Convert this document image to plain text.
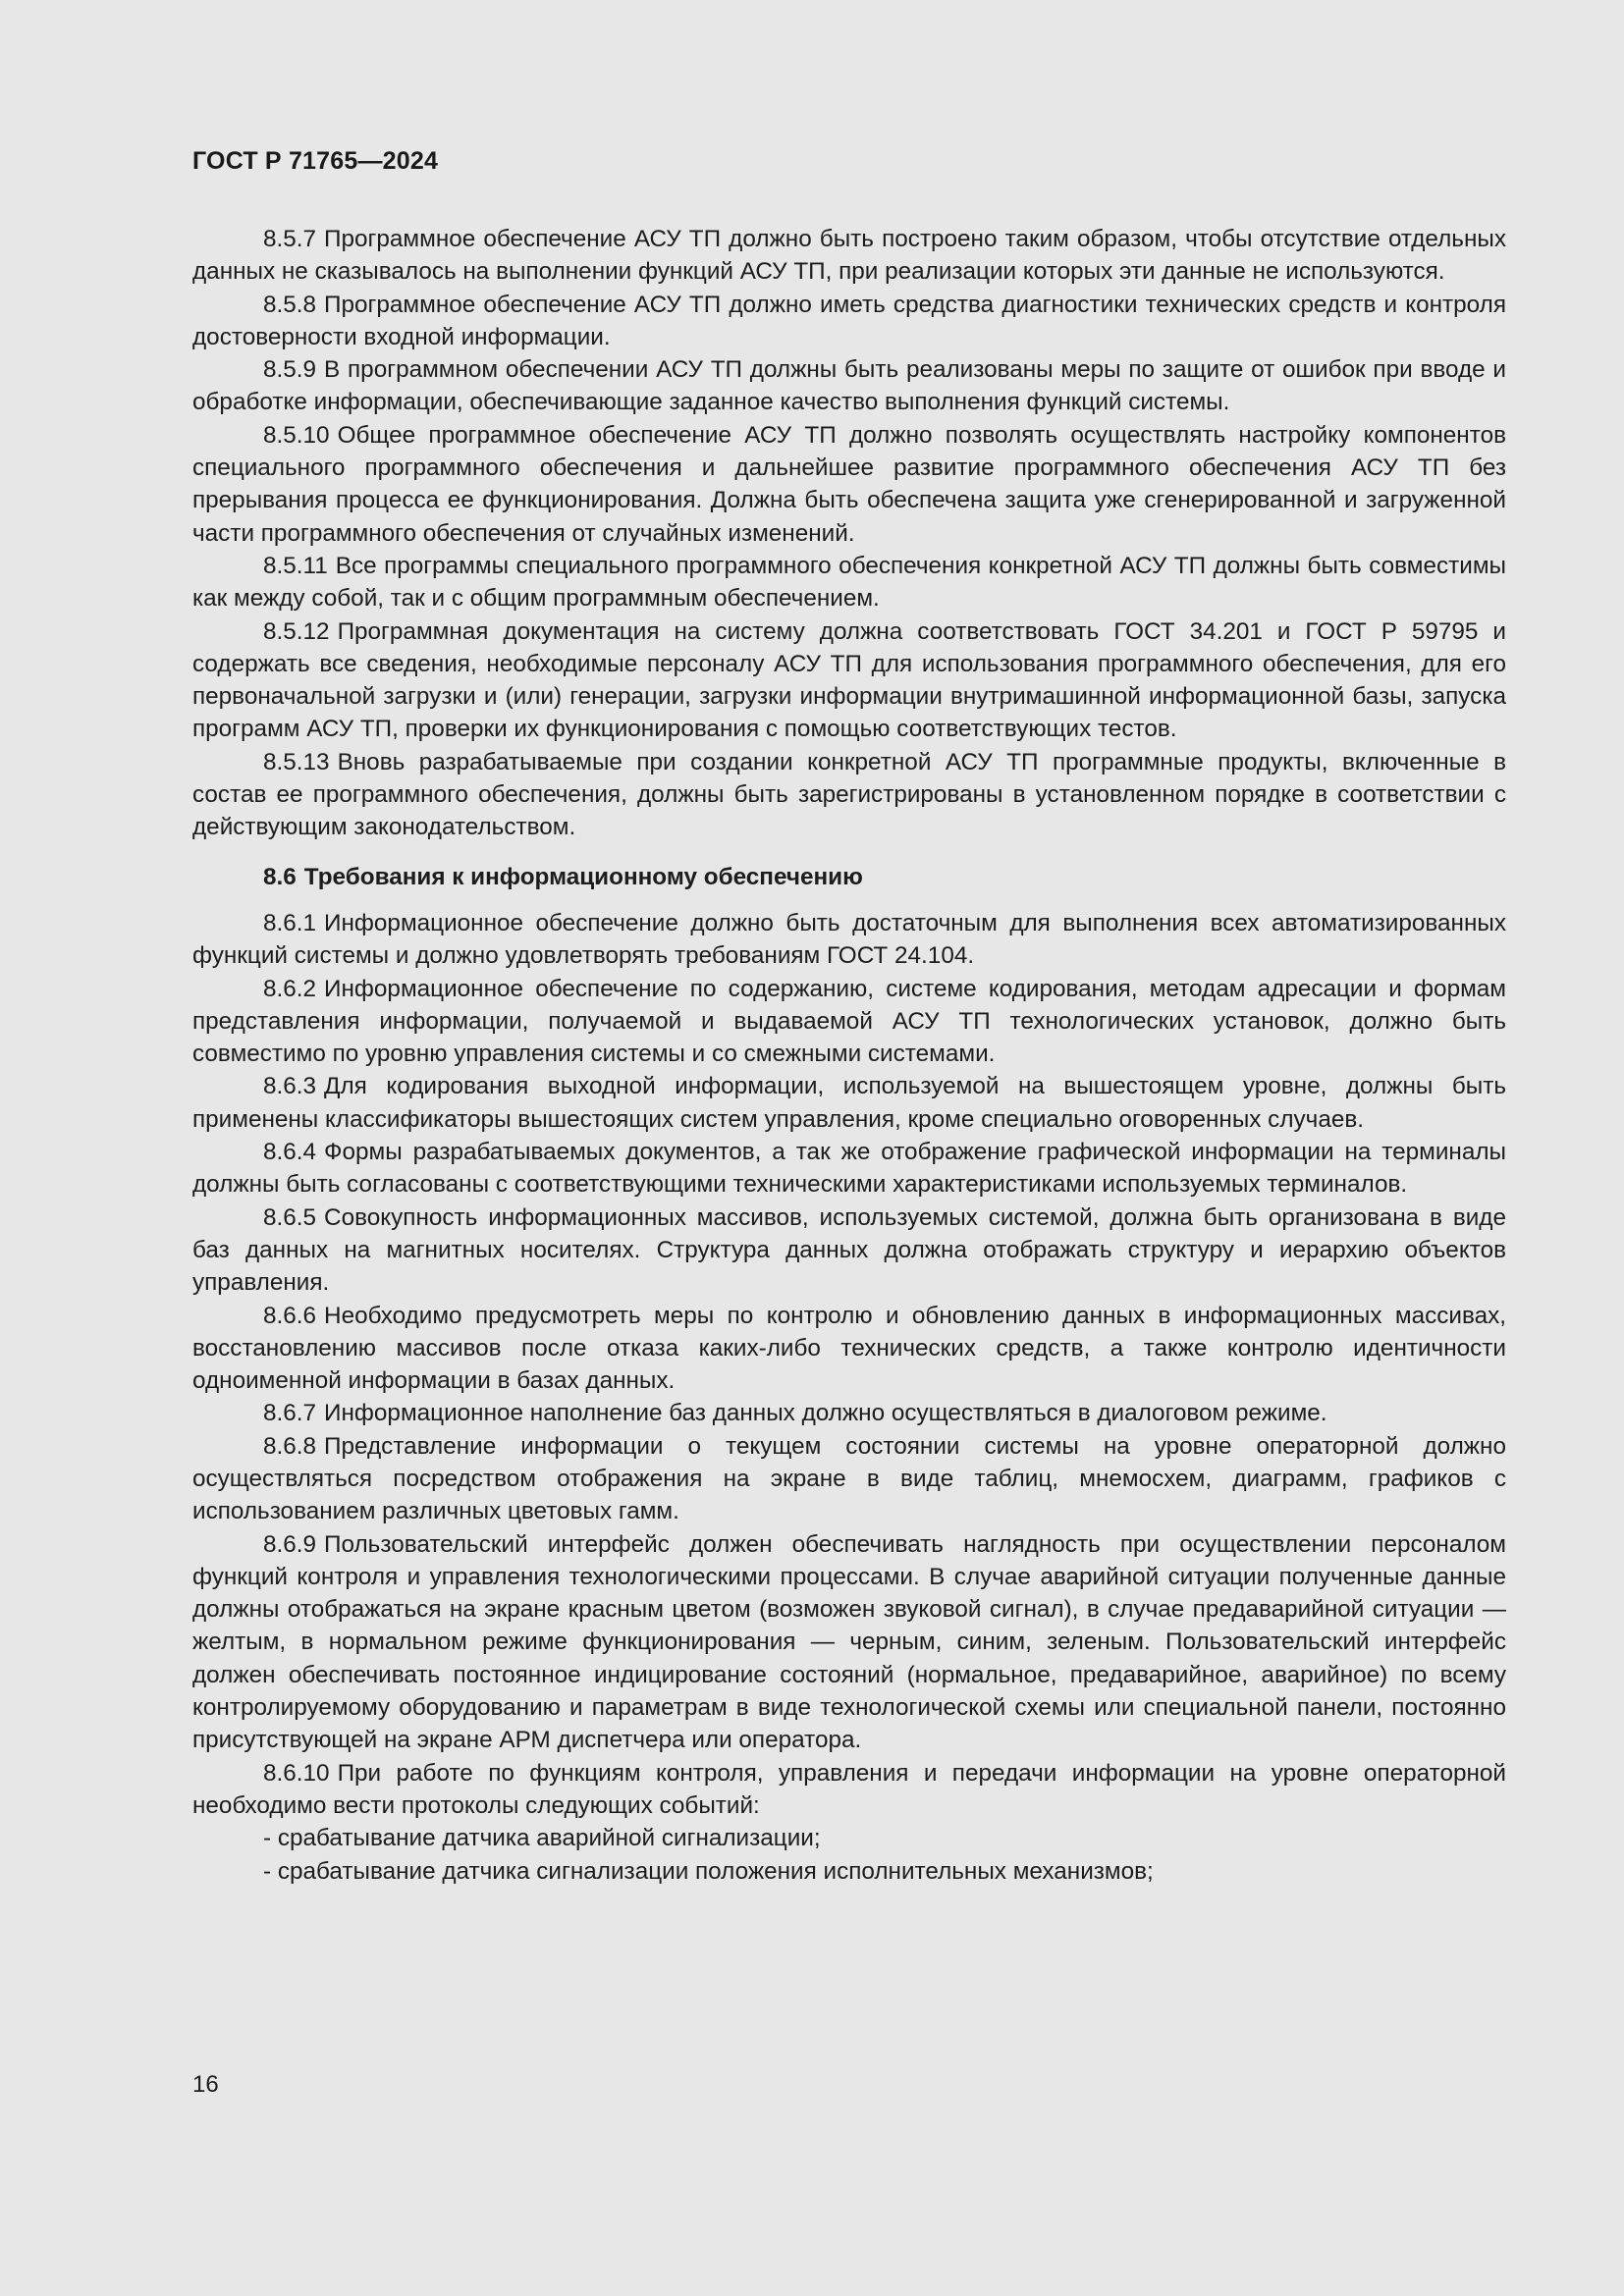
ГОСТ Р 71765—2024

8.5.7 Программное обеспечение АСУ ТП должно быть построено таким образом, чтобы отсутствие отдельных данных не сказывалось на выполнении функций АСУ ТП, при реализации которых эти данные не используются.

8.5.8 Программное обеспечение АСУ ТП должно иметь средства диагностики технических средств и контроля достоверности входной информации.

8.5.9 В программном обеспечении АСУ ТП должны быть реализованы меры по защите от ошибок при вводе и обработке информации, обеспечивающие заданное качество выполнения функций системы.

8.5.10 Общее программное обеспечение АСУ ТП должно позволять осуществлять настройку компонентов специального программного обеспечения и дальнейшее развитие программного обеспечения АСУ ТП без прерывания процесса ее функционирования. Должна быть обеспечена защита уже сгенерированной и загруженной части программного обеспечения от случайных изменений.

8.5.11 Все программы специального программного обеспечения конкретной АСУ ТП должны быть совместимы как между собой, так и с общим программным обеспечением.

8.5.12 Программная документация на систему должна соответствовать ГОСТ 34.201 и ГОСТ Р 59795 и содержать все сведения, необходимые персоналу АСУ ТП для использования программного обеспечения, для его первоначальной загрузки и (или) генерации, загрузки информации внутримашинной информационной базы, запуска программ АСУ ТП, проверки их функционирования с помощью соответствующих тестов.

8.5.13 Вновь разрабатываемые при создании конкретной АСУ ТП программные продукты, включенные в состав ее программного обеспечения, должны быть зарегистрированы в установленном порядке в соответствии с действующим законодательством.

8.6 Требования к информационному обеспечению

8.6.1 Информационное обеспечение должно быть достаточным для выполнения всех автоматизированных функций системы и должно удовлетворять требованиям ГОСТ 24.104.

8.6.2 Информационное обеспечение по содержанию, системе кодирования, методам адресации и формам представления информации, получаемой и выдаваемой АСУ ТП технологических установок, должно быть совместимо по уровню управления системы и со смежными системами.

8.6.3 Для кодирования выходной информации, используемой на вышестоящем уровне, должны быть применены классификаторы вышестоящих систем управления, кроме специально оговоренных случаев.

8.6.4 Формы разрабатываемых документов, а так же отображение графической информации на терминалы должны быть согласованы с соответствующими техническими характеристиками используемых терминалов.

8.6.5 Совокупность информационных массивов, используемых системой, должна быть организована в виде баз данных на магнитных носителях. Структура данных должна отображать структуру и иерархию объектов управления.

8.6.6 Необходимо предусмотреть меры по контролю и обновлению данных в информационных массивах, восстановлению массивов после отказа каких-либо технических средств, а также контролю идентичности одноименной информации в базах данных.

8.6.7 Информационное наполнение баз данных должно осуществляться в диалоговом режиме.

8.6.8 Представление информации о текущем состоянии системы на уровне операторной должно осуществляться посредством отображения на экране в виде таблиц, мнемосхем, диаграмм, графиков с использованием различных цветовых гамм.

8.6.9 Пользовательский интерфейс должен обеспечивать наглядность при осуществлении персоналом функций контроля и управления технологическими процессами. В случае аварийной ситуации полученные данные должны отображаться на экране красным цветом (возможен звуковой сигнал), в случае предаварийной ситуации — желтым, в нормальном режиме функционирования — черным, синим, зеленым. Пользовательский интерфейс должен обеспечивать постоянное индицирование состояний (нормальное, предаварийное, аварийное) по всему контролируемому оборудованию и параметрам в виде технологической схемы или специальной панели, постоянно присутствующей на экране АРМ диспетчера или оператора.

8.6.10 При работе по функциям контроля, управления и передачи информации на уровне операторной необходимо вести протоколы следующих событий:

- срабатывание датчика аварийной сигнализации;

- срабатывание датчика сигнализации положения исполнительных механизмов;

16
